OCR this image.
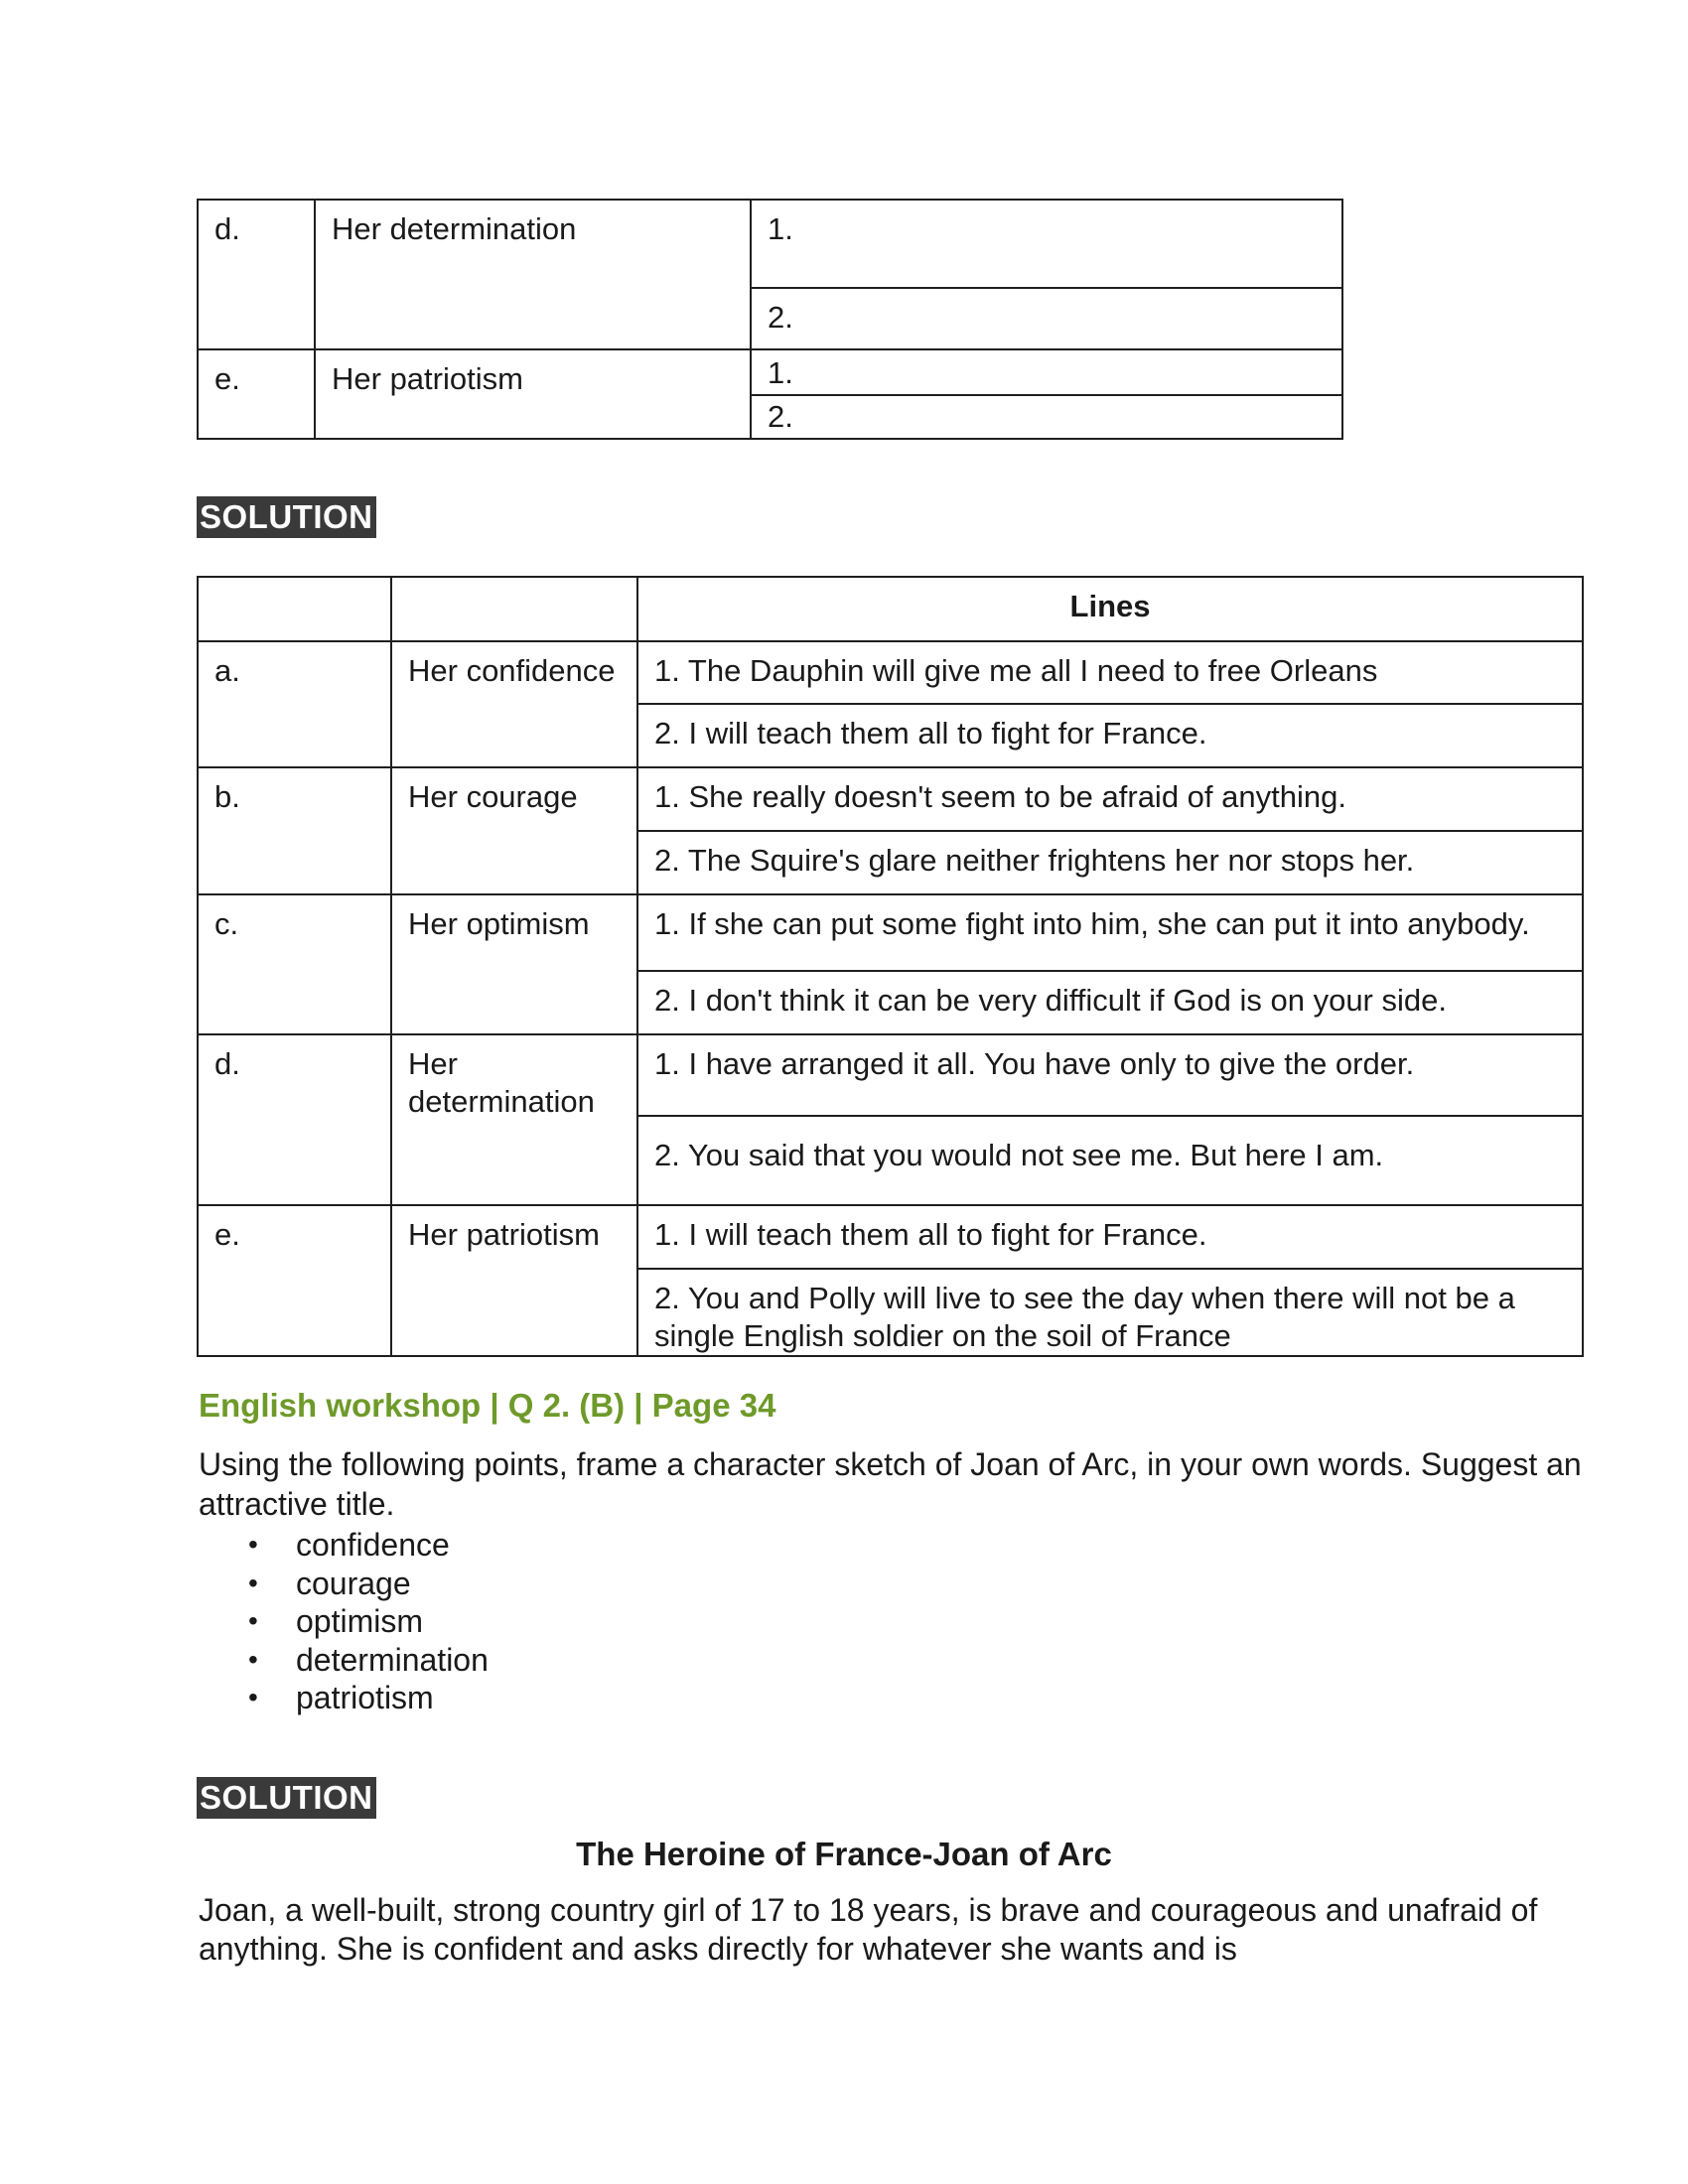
d.	Her determination	1.
		2.
e.	Her patriotism	1.
		2.
SOLUTION
		Lines
a.	Her confidence	1. The Dauphin will give me all I need to free Orleans
		2. I will teach them all to fight for France.
b.	Her courage	1. She really doesn't seem to be afraid of anything.
		2. The Squire's glare neither frightens her nor stops her.
c.	Her optimism	1. If she can put some fight into him, she can put it into anybody.
		2. I don't think it can be very difficult if God is on your side.
d.	Her determination	1. I have arranged it all. You have only to give the order.
		2. You said that you would not see me. But here I am.
e.	Her patriotism	1. I will teach them all to fight for France.
		2. You and Polly will live to see the day when there will not be a single English soldier on the soil of France
English workshop | Q 2. (B) | Page 34
Using the following points, frame a character sketch of Joan of Arc, in your own words. Suggest an attractive title.
• confidence
• courage
• optimism
• determination
• patriotism
SOLUTION
The Heroine of France-Joan of Arc
Joan, a well-built, strong country girl of 17 to 18 years, is brave and courageous and unafraid of anything. She is confident and asks directly for whatever she wants and is
